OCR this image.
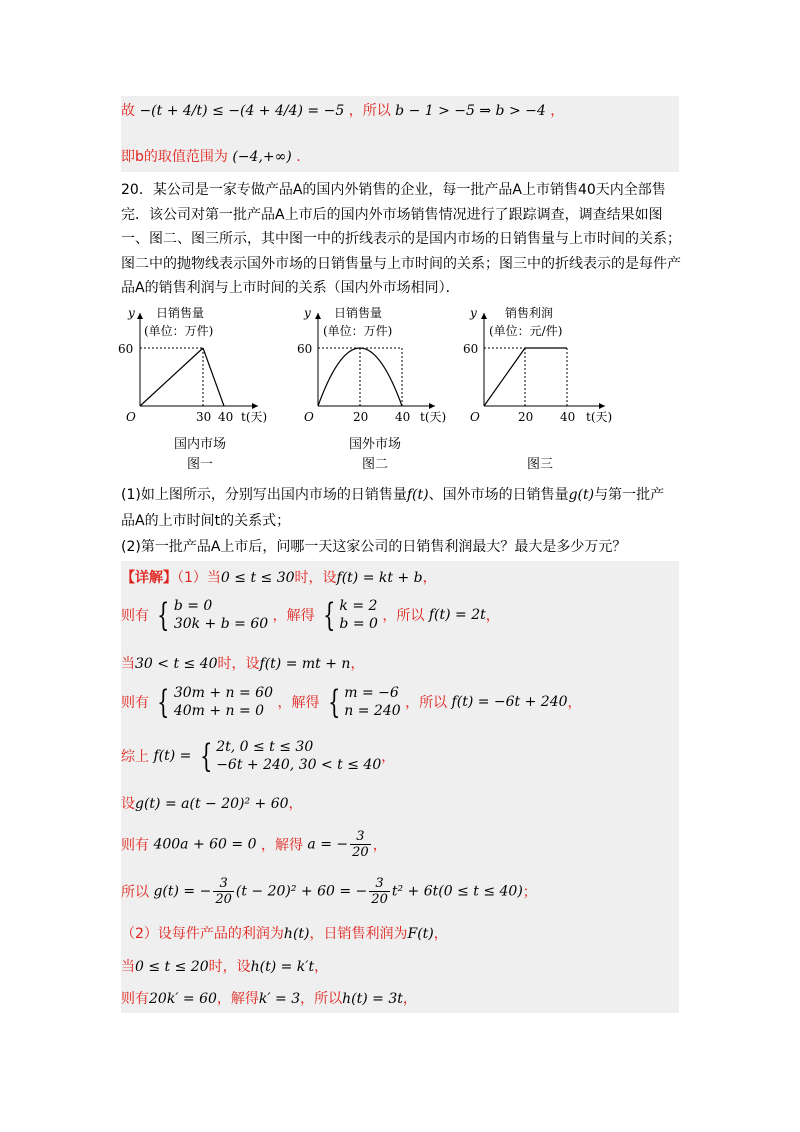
故 −(t + 4/t) ≤ −(4 + 4/4) = −5 ，所以 b − 1 > −5 ⇒ b > −4 ，
即b的取值范围为 (−4,+∞) .
20．某公司是一家专做产品A的国内外销售的企业，每一批产品A上市销售40天内全部售完．该公司对第一批产品A上市后的国内外市场销售情况进行了跟踪调查，调查结果如图一、图二、图三所示，其中图一中的折线表示的是国内市场的日销售量与上市时间的关系；图二中的抛物线表示国外市场的日销售量与上市时间的关系；图三中的折线表示的是每件产品A的销售利润与上市时间的关系（国内外市场相同）．
y 日销售量
(单位：万件)
60
O	30 40 t(天)
y 日销售量
(单位：万件)
60
O	20 40 t(天)
y 销售利润
(单位：元/件)
60
O	20 40 t(天)
国内市场
图一
国外市场
图二	图三
(1)如上图所示，分别写出国内市场的日销售量f(t)、国外市场的日销售量g(t)与第一批产
品A的上市时间t的关系式；
(2)第一批产品A上市后，问哪一天这家公司的日销售利润最大？最大是多少万元？
【详解】（1）当0 ≤ t ≤ 30时，设f(t) = kt + b，
则有 { b = 0
30k + b = 60 ，解得 { k = 2
b = 0 ，所以 f(t) = 2t，
当30 < t ≤ 40时，设f(t) = mt + n，
则有 { 30m + n = 60
40m + n = 0 ，解得 { m = −6
n = 240 ，所以 f(t) = −6t + 240，
综上 f(t) = { 2t, 0 ≤ t ≤ 30
−6t + 240, 30 < t ≤ 40 ，
设g(t) = a(t − 20)² + 60，
则有 400a + 60 = 0 ，解得 a = − $\frac{3}{20}$ ，
所以 g(t) = − $\frac{3}{20} (t - 20)^2 + 60$ = − $\frac{3}{20} t^2 + 6t(0 \le t \le 40)$；
（2）设每件产品的利润为h(t)，日销售利润为F(t)，
当0 ≤ t ≤ 20时，设h(t) = k′t，
则有20k′ = 60，解得k′ = 3，所以h(t) = 3t，
